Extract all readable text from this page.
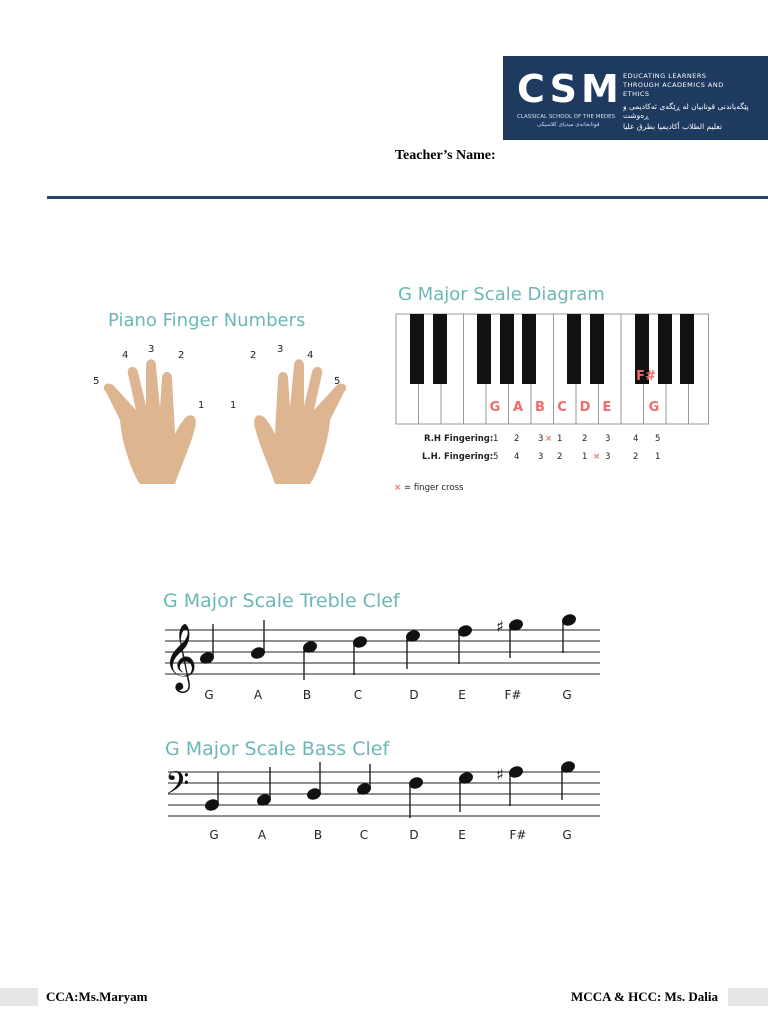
CSM
CLASSICAL SCHOOL OF THE MEDES
قوتابخانەی میدیای کلاسیکی
EDUCATING LEARNERS THROUGH ACADEMICS AND ETHICS
پێگەیاندنی قوتابیان لە ڕێگەی ئەکادیمی و ڕەوشت
تعليم الطلاب أكاديميا بطرق عليا
Teacher’s Name:
Piano Finger Numbers
5
4
3
2
1	1
2
3
4
5
G Major Scale Diagram
G A B C D E
F#
G
R.H Fingering: 1 2 3 × 1 2 3	4 5
L.H. Fingering: 5 4 3 2 1 × 3	2 1
× = finger cross
G Major Scale Treble Clef
𝄞	♯
G	A	B	C	D	E	F#	G
G Major Scale Bass Clef
𝄢	♯
G	A	B	C	D	E	F#	G
CCA:Ms.Maryam	MCCA & HCC: Ms. Dalia
